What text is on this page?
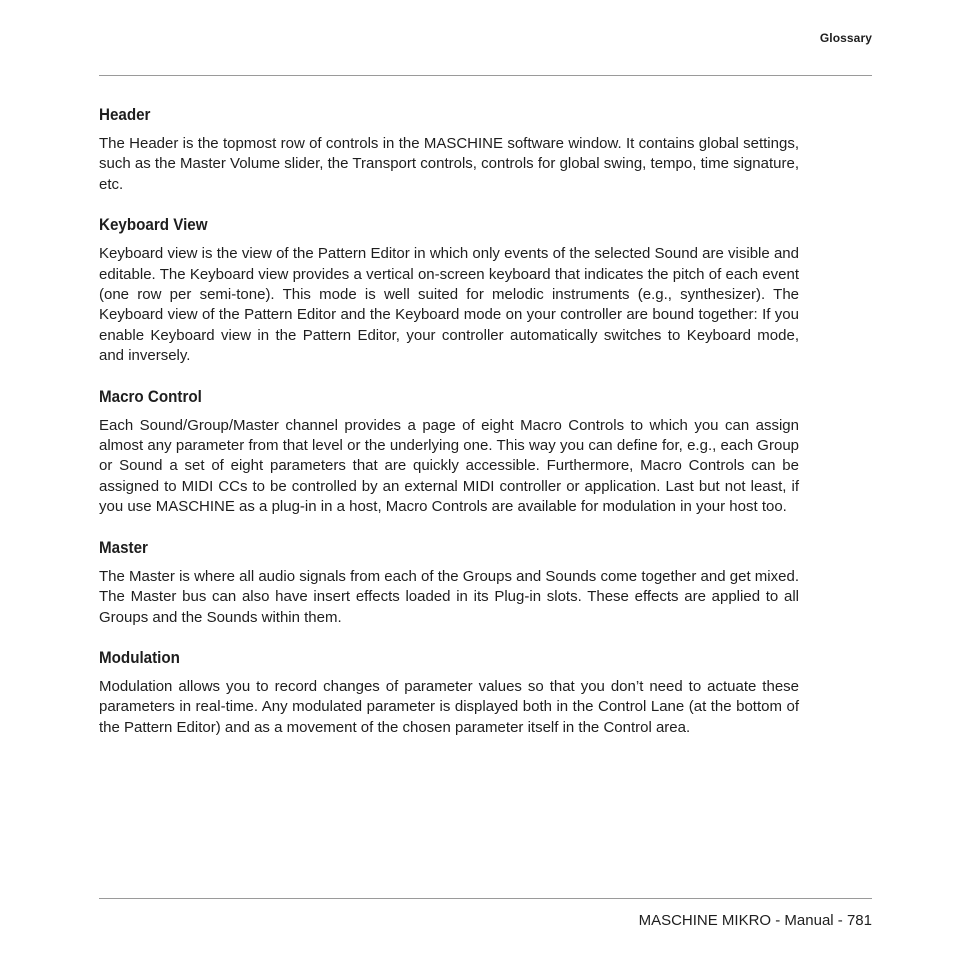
Glossary
Header

The Header is the topmost row of controls in the MASCHINE software window. It contains global settings, such as the Master Volume slider, the Transport controls, controls for global swing, tempo, time signature, etc.

Keyboard View

Keyboard view is the view of the Pattern Editor in which only events of the selected Sound are visible and editable. The Keyboard view provides a vertical on-screen keyboard that indicates the pitch of each event (one row per semi-tone). This mode is well suited for melodic instruments (e.g., synthesizer). The Keyboard view of the Pattern Editor and the Keyboard mode on your controller are bound together: If you enable Keyboard view in the Pattern Editor, your controller automatically switches to Keyboard mode, and inversely.

Macro Control

Each Sound/Group/Master channel provides a page of eight Macro Controls to which you can assign almost any parameter from that level or the underlying one. This way you can define for, e.g., each Group or Sound a set of eight parameters that are quickly accessible. Furthermore, Macro Controls can be assigned to MIDI CCs to be controlled by an external MIDI controller or application. Last but not least, if you use MASCHINE as a plug-in in a host, Macro Controls are available for modulation in your host too.

Master

The Master is where all audio signals from each of the Groups and Sounds come together and get mixed. The Master bus can also have insert effects loaded in its Plug-in slots. These effects are applied to all Groups and the Sounds within them.

Modulation

Modulation allows you to record changes of parameter values so that you don’t need to actuate these parameters in real-time. Any modulated parameter is displayed both in the Control Lane (at the bottom of the Pattern Editor) and as a movement of the chosen parameter itself in the Control area.

MASCHINE MIKRO - Manual - 781
